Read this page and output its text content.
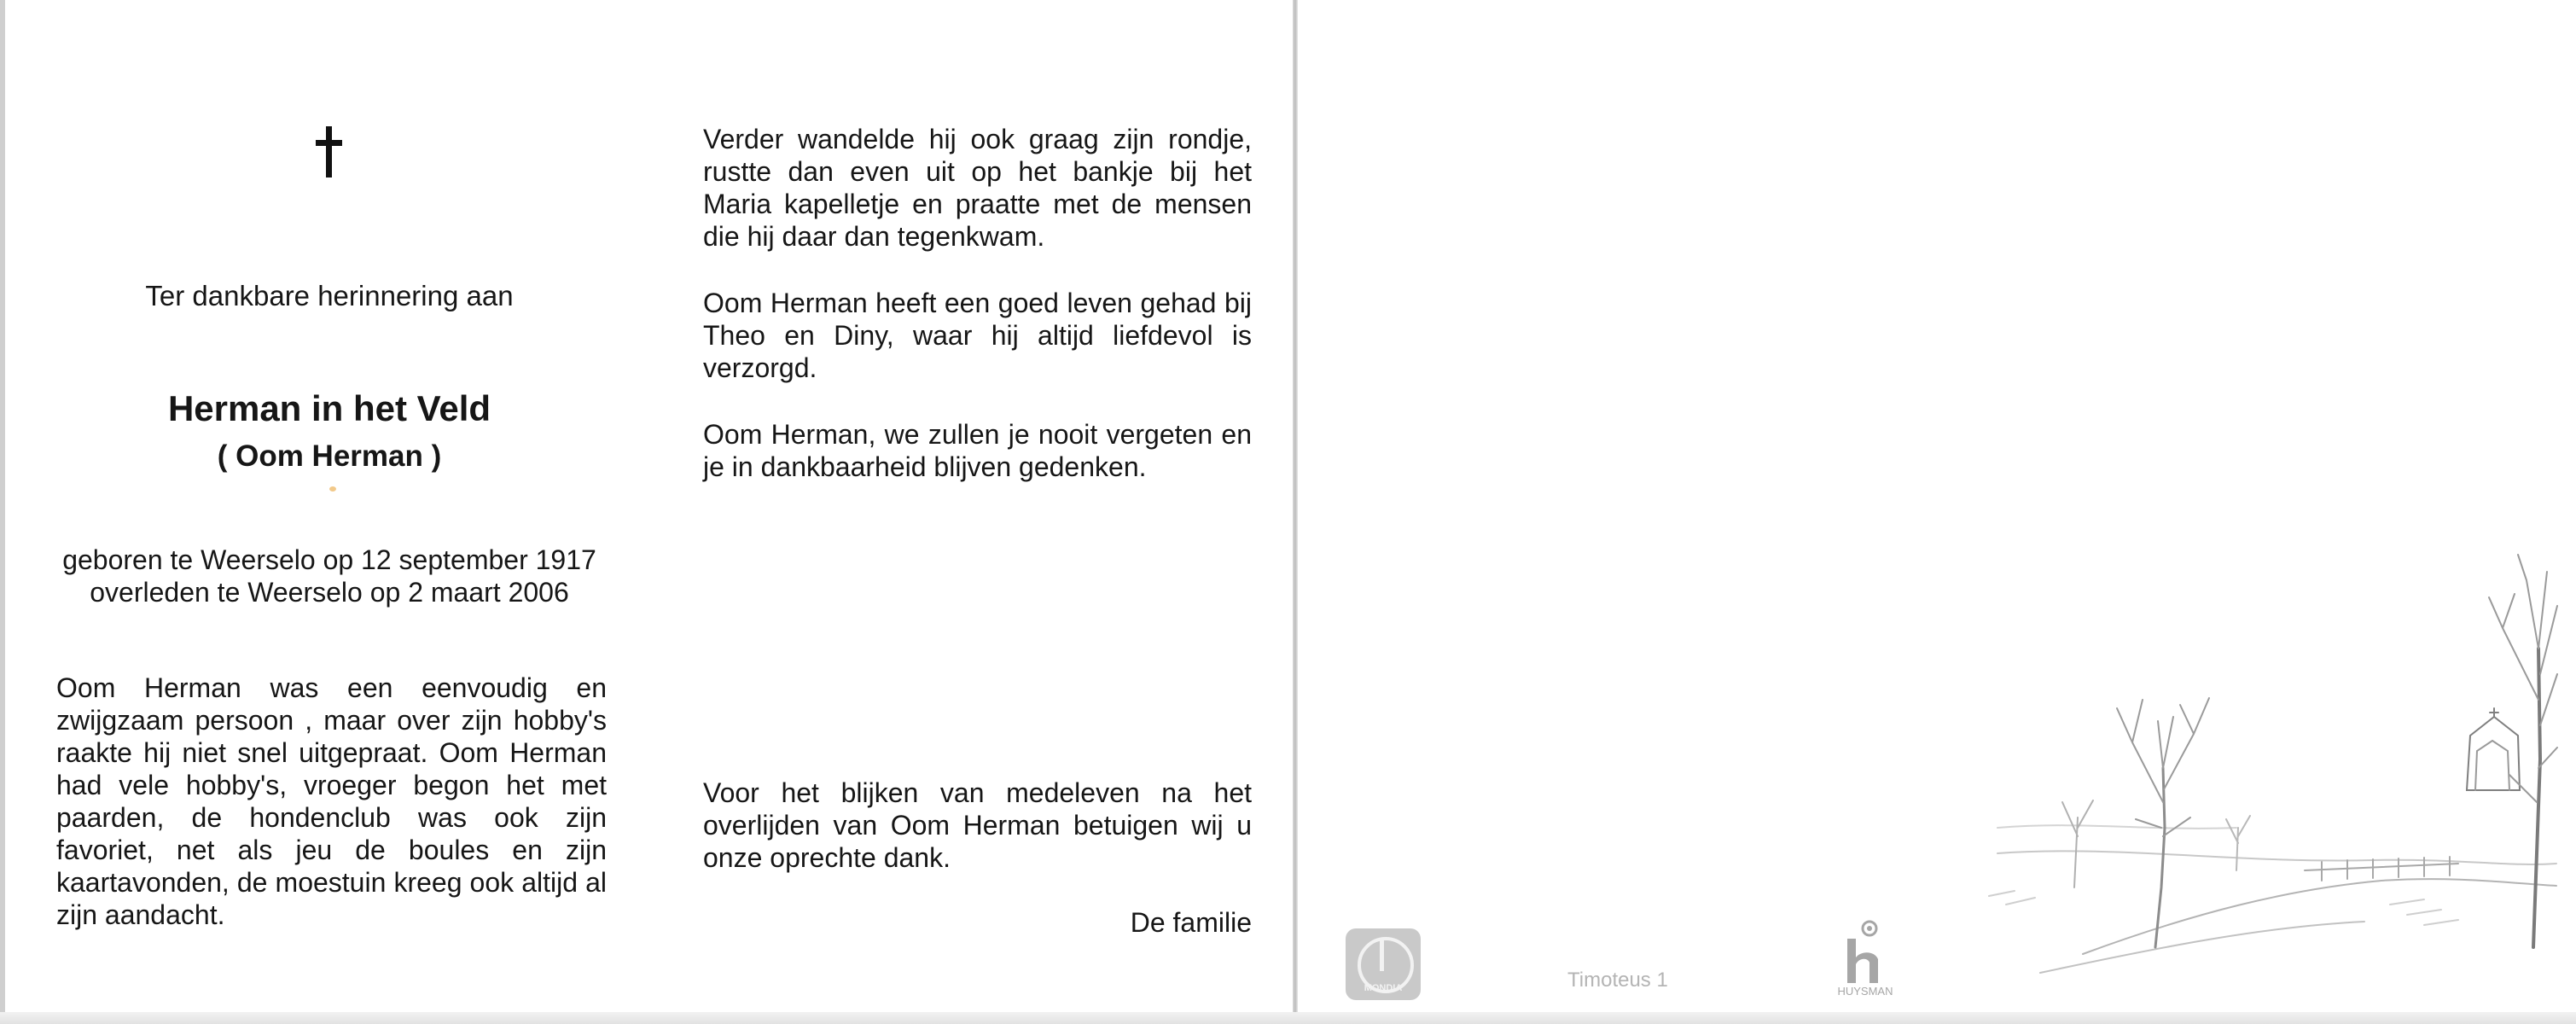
Ter dankbare herinnering aan
Herman in het Veld
( Oom Herman )
geboren te Weerselo op 12 september 1917
overleden te Weerselo op 2 maart 2006

Oom Herman was een eenvoudig en zwijgzaam persoon , maar over zijn hobby's raakte hij niet snel uitgepraat. Oom Herman had vele hobby's, vroeger begon het met paarden, de hondenclub was ook zijn favoriet, net als jeu de boules en zijn kaartavonden, de moestuin kreeg ook altijd al zijn aandacht.

Verder wandelde hij ook graag zijn rondje, rustte dan even uit op het bankje bij het Maria kapelletje en praatte met de mensen die hij daar dan tegenkwam.

Oom Herman heeft een goed leven gehad bij Theo en Diny, waar hij altijd liefdevol is verzorgd.

Oom Herman, we zullen je nooit vergeten en je in dankbaarheid blijven gedenken.

Voor het blijken van medeleven na het overlijden van Oom Herman betuigen wij u onze oprechte dank.

De familie
MONDIA	Timoteus 1	HUYSMAN
